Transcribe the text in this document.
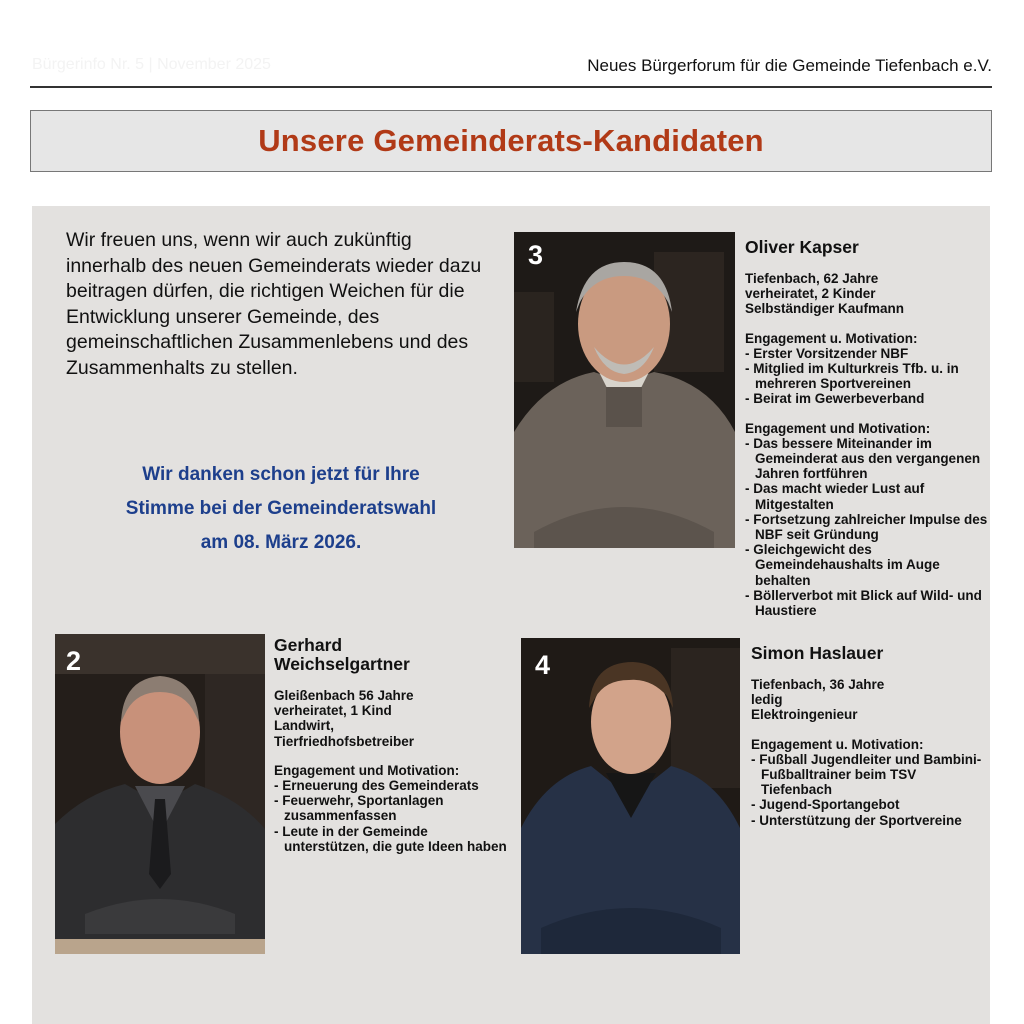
Bürgerinfo Nr. 5 | November 2025	Neues Bürgerforum für die Gemeinde Tiefenbach e.V.
Unsere Gemeinderats-Kandidaten

Wir freuen uns, wenn wir auch zukünftig innerhalb des neuen Gemeinderats wieder dazu beitragen dürfen, die richtigen Weichen für die Entwicklung unserer Gemeinde, des gemeinschaftlichen Zusammenlebens und des Zusammenhalts zu stellen.

Wir danken schon jetzt für Ihre
Stimme bei der Gemeinderatswahl
am 08. März 2026.
3	Oliver Kapser
Tiefenbach, 62 Jahre
verheiratet, 2 Kinder
Selbständiger Kaufmann
Engagement u. Motivation:
- Erster Vorsitzender NBF
- Mitglied im Kulturkreis Tfb. u. in mehreren Sportvereinen
- Beirat im Gewerbeverband
Engagement und Motivation:
- Das bessere Miteinander im Gemeinderat aus den vergangenen Jahren fortführen
- Das macht wieder Lust auf Mitgestalten
- Fortsetzung zahlreicher Impulse des NBF seit Gründung
- Gleichgewicht des Gemeindehaushalts im Auge behalten
- Böllerverbot mit Blick auf Wild- und Haustiere
2
Gerhard
Weichselgartner
Gleißenbach 56 Jahre
verheiratet, 1 Kind
Landwirt,
Tierfriedhofsbetreiber
Engagement und Motivation:
- Erneuerung des Gemeinderats
- Feuerwehr, Sportanlagen zusammenfassen
- Leute in der Gemeinde unterstützen, die gute Ideen haben
4	Simon Haslauer
Tiefenbach, 36 Jahre
ledig
Elektroingenieur
Engagement u. Motivation:
- Fußball Jugendleiter und Bambini-Fußballtrainer beim TSV Tiefenbach
- Jugend-Sportangebot
- Unterstützung der Sportvereine
